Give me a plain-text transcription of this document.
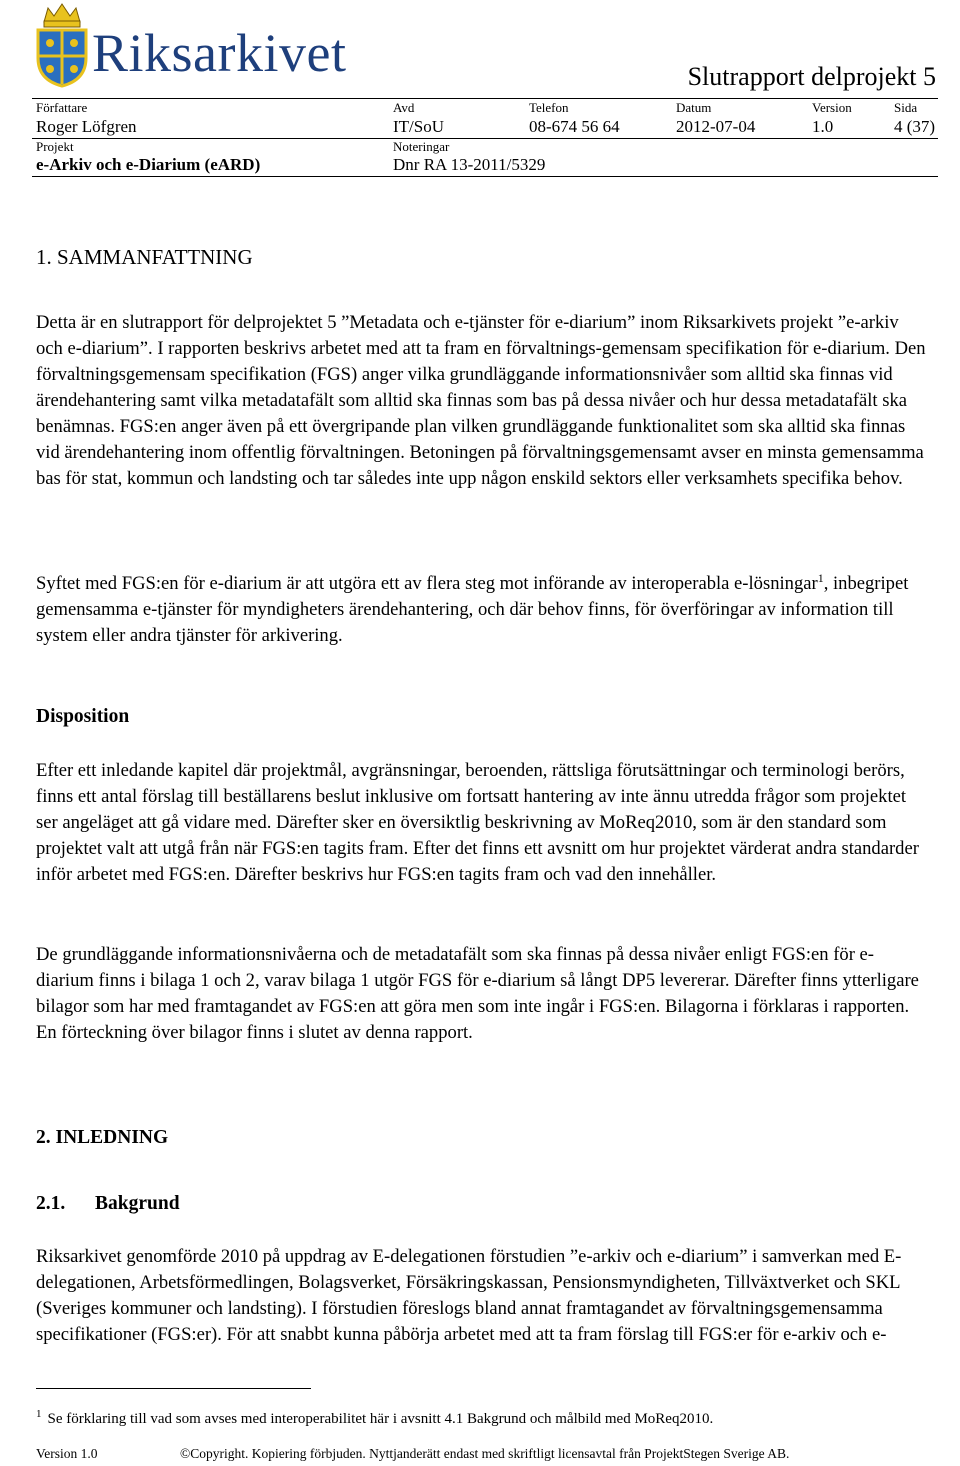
Riksarkivet	Slutrapport delprojekt 5
Författare
Roger Löfgren
Avd
IT/SoU
Telefon
08-674 56 64
Datum
2012-07-04
Version
1.0
Sida
4 (37)
Projekt
e-Arkiv och e-Diarium (eARD)
Noteringar
Dnr RA 13-2011/5329
1. SAMMANFATTNING
Detta är en slutrapport för delprojektet 5 ”Metadata och e-tjänster för e-diarium” inom Riksarkivets projekt ”e-arkiv och e-diarium”. I rapporten beskrivs arbetet med att ta fram en förvaltnings-gemensam specifikation för e-diarium. Den förvaltningsgemensam specifikation (FGS) anger vilka grundläggande informationsnivåer som alltid ska finnas vid ärendehantering samt vilka metadatafält som alltid ska finnas som bas på dessa nivåer och hur dessa metadatafält ska benämnas. FGS:en anger även på ett övergripande plan vilken grundläggande funktionalitet som ska alltid ska finnas vid ärendehantering inom offentlig förvaltningen. Betoningen på förvaltningsgemensamt avser en minsta gemensamma bas för stat, kommun och landsting och tar således inte upp någon enskild sektors eller verksamhets specifika behov.
Syftet med FGS:en för e-diarium är att utgöra ett av flera steg mot införande av interoperabla e-lösningar$^1$, inbegripet gemensamma e-tjänster för myndigheters ärendehantering, och där behov finns, för överföringar av information till system eller andra tjänster för arkivering.
Disposition
Efter ett inledande kapitel där projektmål, avgränsningar, beroenden, rättsliga förutsättningar och terminologi berörs, finns ett antal förslag till beställarens beslut inklusive om fortsatt hantering av inte ännu utredda frågor som projektet ser angeläget att gå vidare med. Därefter sker en översiktlig beskrivning av MoReq2010, som är den standard som projektet valt att utgå från när FGS:en tagits fram. Efter det finns ett avsnitt om hur projektet värderat andra standarder inför arbetet med FGS:en. Därefter beskrivs hur FGS:en tagits fram och vad den innehåller.
De grundläggande informationsnivåerna och de metadatafält som ska finnas på dessa nivåer enligt FGS:en för e-diarium finns i bilaga 1 och 2, varav bilaga 1 utgör FGS för e-diarium så långt DP5 levererar. Därefter finns ytterligare bilagor som har med framtagandet av FGS:en att göra men som inte ingår i FGS:en. Bilagorna i förklaras i rapporten. En förteckning över bilagor finns i slutet av denna rapport.
2. INLEDNING
2.1. Bakgrund
Riksarkivet genomförde 2010 på uppdrag av E-delegationen förstudien ”e-arkiv och e-diarium” i samverkan med E-delegationen, Arbetsförmedlingen, Bolagsverket, Försäkringskassan, Pensionsmyndigheten, Tillväxtverket och SKL (Sveriges kommuner och landsting). I förstudien föreslogs bland annat framtagandet av förvaltningsgemensamma specifikationer (FGS:er). För att snabbt kunna påbörja arbetet med att ta fram förslag till FGS:er för e-arkiv och e-
$^1$ Se förklaring till vad som avses med interoperabilitet här i avsnitt 4.1 Bakgrund och målbild med MoReq2010.
Version 1.0	©Copyright. Kopiering förbjuden. Nyttjanderätt endast med skriftligt licensavtal från ProjektStegen Sverige AB.
